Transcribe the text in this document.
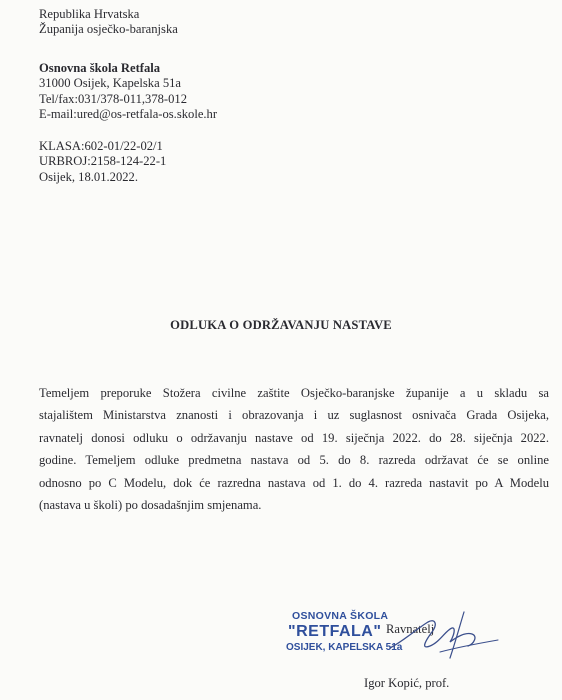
Republika Hrvatska
Županija osječko-baranjska
Osnovna škola Retfala
31000 Osijek, Kapelska 51a
Tel/fax:031/378-011,378-012
E-mail:ured@os-retfala-os.skole.hr
KLASA:602-01/22-02/1
URBROJ:2158-124-22-1
Osijek, 18.01.2022.
ODLUKA O ODRŽAVANJU NASTAVE
Temeljem preporuke Stožera civilne zaštite Osječko-baranjske županije a u skladu sa
stajalištem Ministarstva znanosti i obrazovanja i uz suglasnost osnivača Grada Osijeka,
ravnatelj donosi odluku o održavanju nastave od 19. siječnja 2022. do 28. siječnja 2022.
godine. Temeljem odluke predmetna nastava od 5. do 8. razreda održavat će se online
odnosno po C Modelu, dok će razredna nastava od 1. do 4. razreda nastavit po A Modelu
(nastava u školi) po dosadašnjim smjenama.
OSNOVNA ŠKOLA
"RETFALA"
OSIJEK, KAPELSKA 51a
Ravnatelj
Igor Kopić, prof.
